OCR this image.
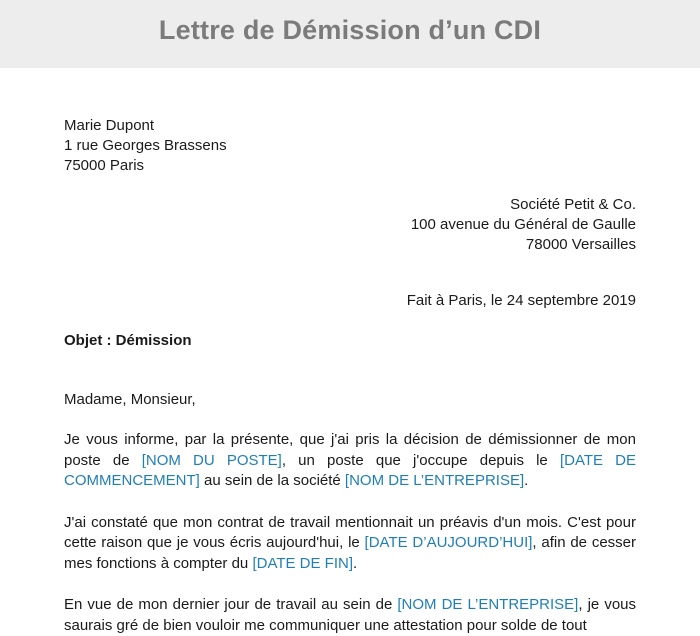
Lettre de Démission d’un CDI
Marie Dupont
1 rue Georges Brassens
75000 Paris
Société Petit & Co.
100 avenue du Général de Gaulle
78000 Versailles
Fait à Paris, le 24 septembre 2019
Objet : Démission
Madame, Monsieur,

Je vous informe, par la présente, que j'ai pris la décision de démissionner de mon poste de [NOM DU POSTE], un poste que j'occupe depuis le [DATE DE COMMENCEMENT] au sein de la société [NOM DE L’ENTREPRISE].

J'ai constaté que mon contrat de travail mentionnait un préavis d'un mois. C'est pour cette raison que je vous écris aujourd'hui, le [DATE D’AUJOURD’HUI], afin de cesser mes fonctions à compter du [DATE DE FIN].

En vue de mon dernier jour de travail au sein de [NOM DE L’ENTREPRISE], je vous saurais gré de bien vouloir me communiquer une attestation pour solde de tout
